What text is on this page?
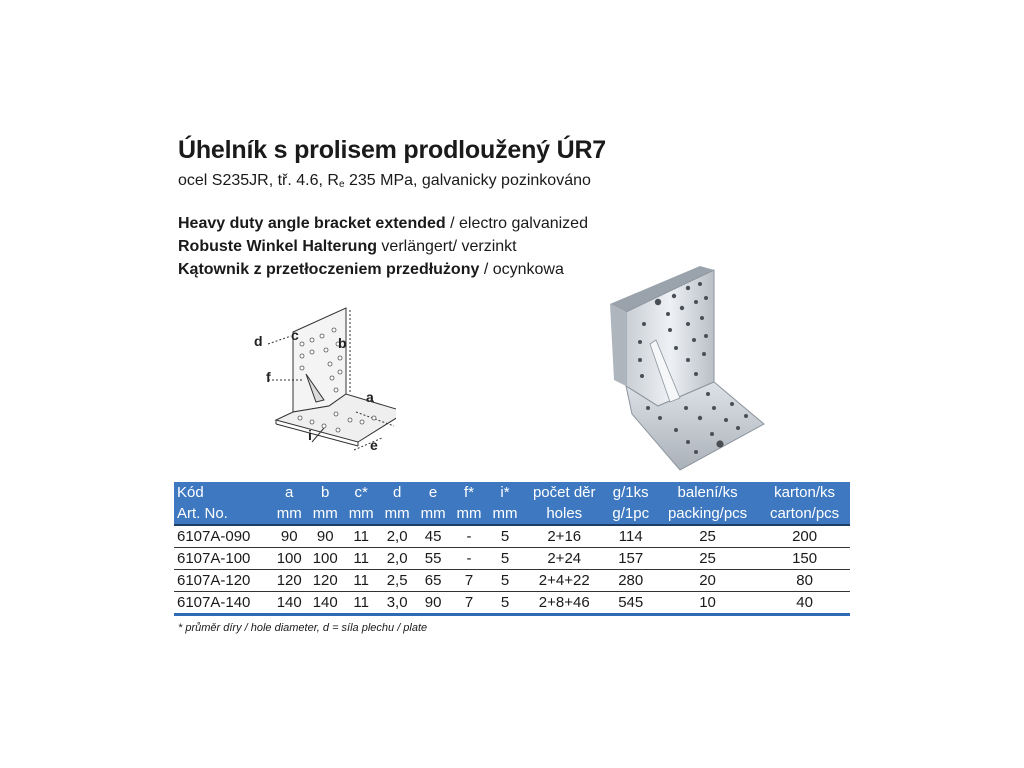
Úhelník s prolisem prodloužený ÚR7
ocel S235JR, tř. 4.6, $R_e$ 235 MPa, galvanicky pozinkováno
Heavy duty angle bracket extended / electro galvanized
Robuste Winkel Halterung verlängert/ verzinkt
Kątownik z przetłoczeniem przedłużony / ocynkowa
d c	b
f
a
i
e
Kód	a	b	c*	d	e	f*	i*	počet děr	g/1ks	balení/ks	karton/ks
Art. No.	mm	mm	mm	mm	mm	mm	mm	holes	g/1pc	packing/pcs	carton/pcs
6107A-090	90	90	11	2,0	45	-	5	2+16	114	25	200
6107A-100	100	100	11	2,0	55	-	5	2+24	157	25	150
6107A-120	120	120	11	2,5	65	7	5	2+4+22	280	20	80
6107A-140	140	140	11	3,0	90	7	5	2+8+46	545	10	40
* průměr díry / hole diameter, d = síla plechu / plate
